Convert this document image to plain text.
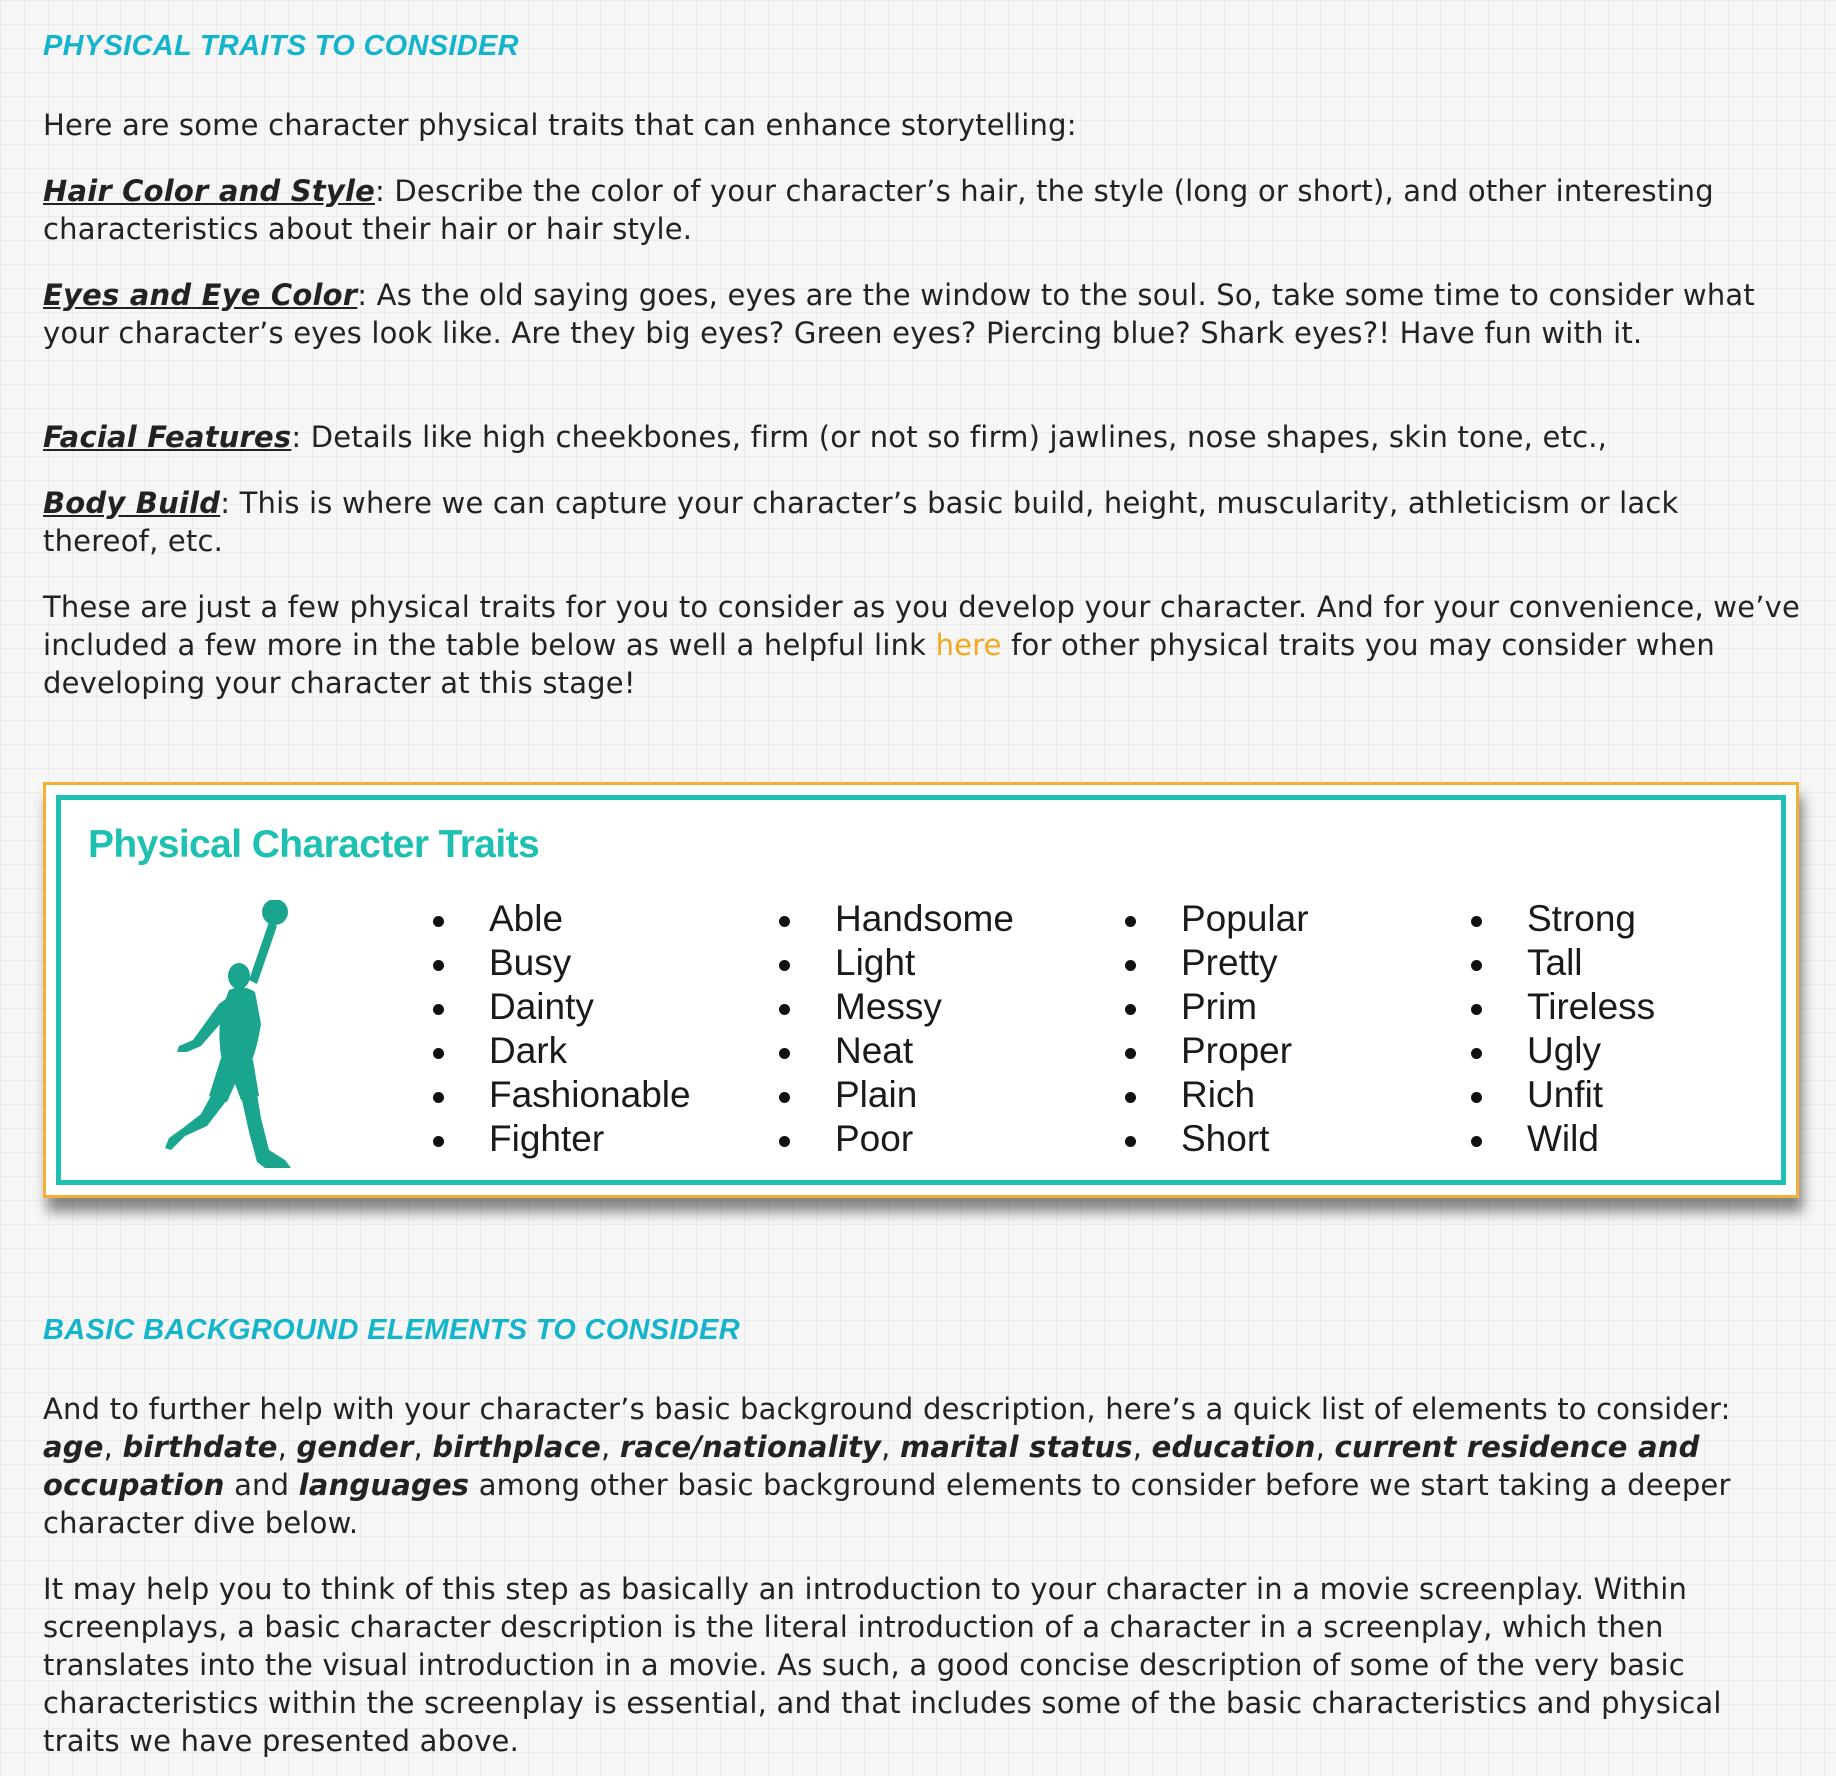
PHYSICAL TRAITS TO CONSIDER

Here are some character physical traits that can enhance storytelling:

Hair Color and Style: Describe the color of your character’s hair, the style (long or short), and other interesting characteristics about their hair or hair style.

Eyes and Eye Color: As the old saying goes, eyes are the window to the soul. So, take some time to consider what your character’s eyes look like. Are they big eyes? Green eyes? Piercing blue? Shark eyes?! Have fun with it.

Facial Features: Details like high cheekbones, firm (or not so firm) jawlines, nose shapes, skin tone, etc.,

Body Build: This is where we can capture your character’s basic build, height, muscularity, athleticism or lack thereof, etc.

These are just a few physical traits for you to consider as you develop your character. And for your convenience, we’ve included a few more in the table below as well a helpful link here for other physical traits you may consider when developing your character at this stage!

Physical Character Traits
Able
Busy
Dainty
Dark
Fashionable
Fighter
Handsome
Light
Messy
Neat
Plain
Poor
Popular
Pretty
Prim
Proper
Rich
Short
Strong
Tall
Tireless
Ugly
Unfit
Wild
BASIC BACKGROUND ELEMENTS TO CONSIDER

And to further help with your character’s basic background description, here’s a quick list of elements to consider: age, birthdate, gender, birthplace, race/nationality, marital status, education, current residence and occupation and languages among other basic background elements to consider before we start taking a deeper character dive below.

It may help you to think of this step as basically an introduction to your character in a movie screenplay. Within screenplays, a basic character description is the literal introduction of a character in a screenplay, which then translates into the visual introduction in a movie. As such, a good concise description of some of the very basic characteristics within the screenplay is essential, and that includes some of the basic characteristics and physical traits we have presented above.
